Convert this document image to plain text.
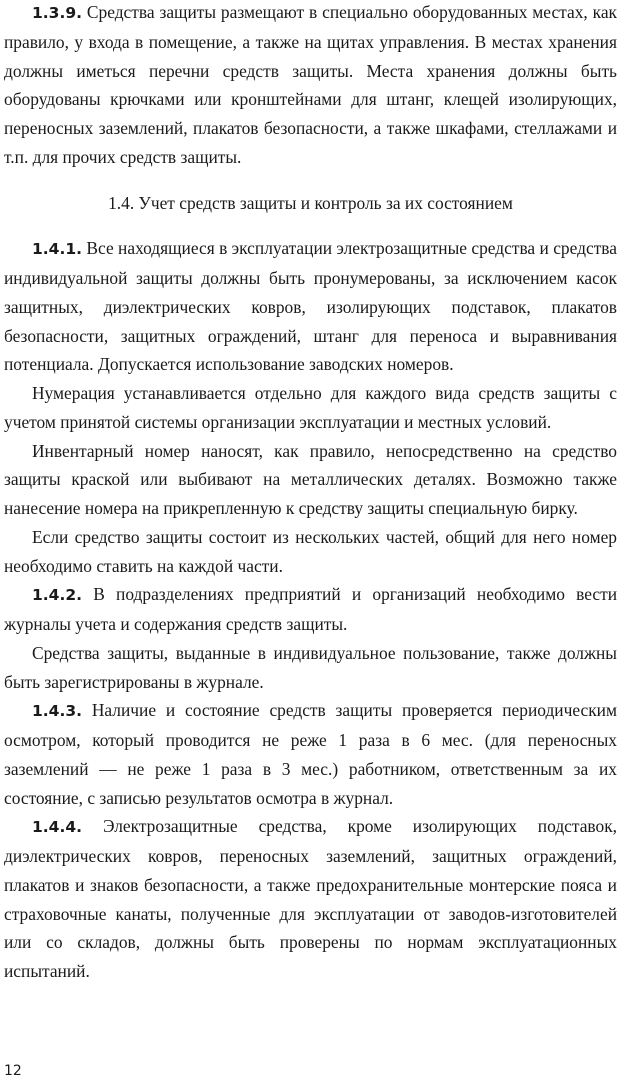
1.3.9. Средства защиты размещают в специально оборудованных местах, как правило, у входа в помещение, а также на щитах управления. В местах хранения должны иметься перечни средств защиты. Места хранения должны быть оборудованы крючками или кронштейнами для штанг, клещей изолирующих, переносных заземлений, плакатов безопасности, а также шкафами, стеллажами и т.п. для прочих средств защиты.

1.4. Учет средств защиты и контроль за их состоянием

1.4.1. Все находящиеся в эксплуатации электрозащитные средства и средства индивидуальной защиты должны быть пронумерованы, за исключением касок защитных, диэлектрических ковров, изолирующих подставок, плакатов безопасности, защитных ограждений, штанг для переноса и выравнивания потенциала. Допускается использование заводских номеров.

Нумерация устанавливается отдельно для каждого вида средств защиты с учетом принятой системы организации эксплуатации и местных условий.

Инвентарный номер наносят, как правило, непосредственно на средство защиты краской или выбивают на металлических деталях. Возможно также нанесение номера на прикрепленную к средству защиты специальную бирку.

Если средство защиты состоит из нескольких частей, общий для него номер необходимо ставить на каждой части.

1.4.2. В подразделениях предприятий и организаций необходимо вести журналы учета и содержания средств защиты.

Средства защиты, выданные в индивидуальное пользование, также должны быть зарегистрированы в журнале.

1.4.3. Наличие и состояние средств защиты проверяется периодическим осмотром, который проводится не реже 1 раза в 6 мес. (для переносных заземлений — не реже 1 раза в 3 мес.) работником, ответственным за их состояние, с записью результатов осмотра в журнал.

1.4.4. Электрозащитные средства, кроме изолирующих подставок, диэлектрических ковров, переносных заземлений, защитных ограждений, плакатов и знаков безопасности, а также предохранительные монтерские пояса и страховочные канаты, полученные для эксплуатации от заводов-изготовителей или со складов, должны быть проверены по нормам эксплуатационных испытаний.

12
